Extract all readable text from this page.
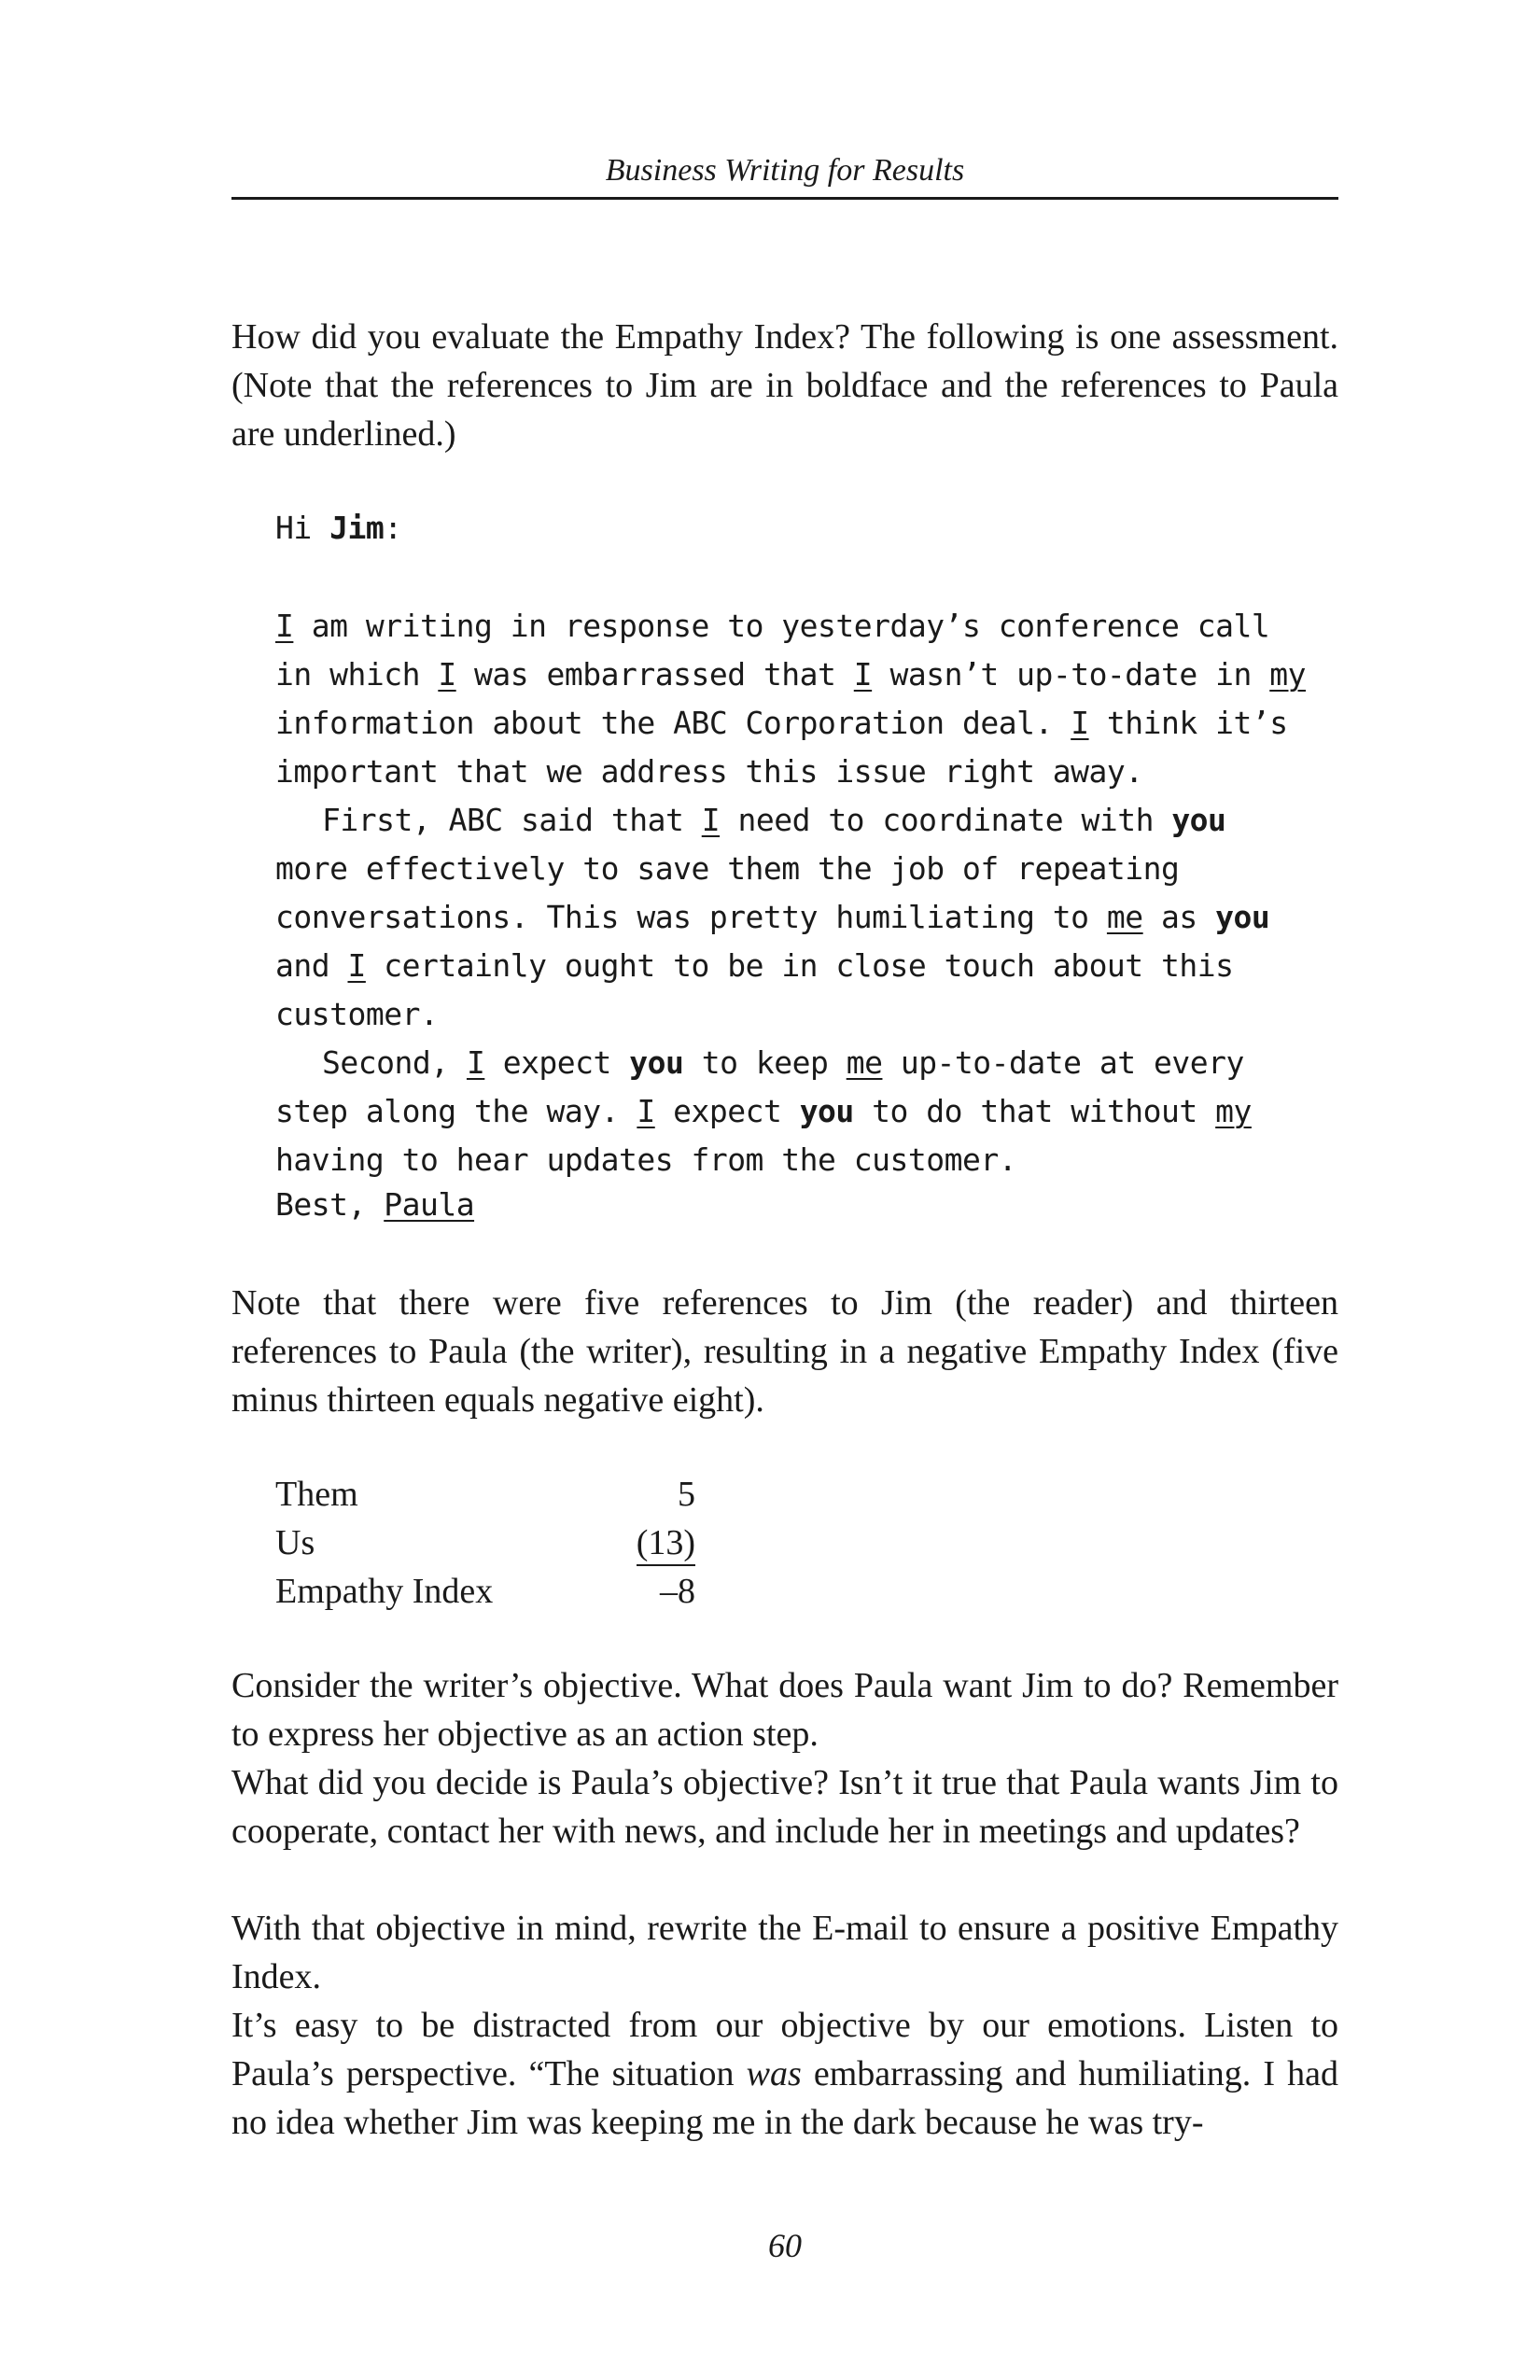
Business Writing for Results

How did you evaluate the Empathy Index? The following is one assessment. (Note that the references to Jim are in boldface and the references to Paula are underlined.)

Hi Jim:

I am writing in response to yesterday’s conference call in which I was embarrassed that I wasn’t up-to-date in my information about the ABC Corporation deal. I think it’s important that we address this issue right away.

First, ABC said that I need to coordinate with you more effectively to save them the job of repeating conversations. This was pretty humiliating to me as you and I certainly ought to be in close touch about this customer.

Second, I expect you to keep me up-to-date at every step along the way. I expect you to do that without my having to hear updates from the customer.

Best, Paula

Note that there were five references to Jim (the reader) and thirteen references to Paula (the writer), resulting in a negative Empathy Index (five minus thirteen equals negative eight).

Them	5
Us	(13)
Empathy Index	–8

Consider the writer’s objective. What does Paula want Jim to do? Remember to express her objective as an action step.

What did you decide is Paula’s objective? Isn’t it true that Paula wants Jim to cooperate, contact her with news, and include her in meetings and updates?

With that objective in mind, rewrite the E-mail to ensure a positive Empathy Index.

It’s easy to be distracted from our objective by our emotions. Listen to Paula’s perspective. “The situation was embarrassing and humiliating. I had no idea whether Jim was keeping me in the dark because he was try-

60
